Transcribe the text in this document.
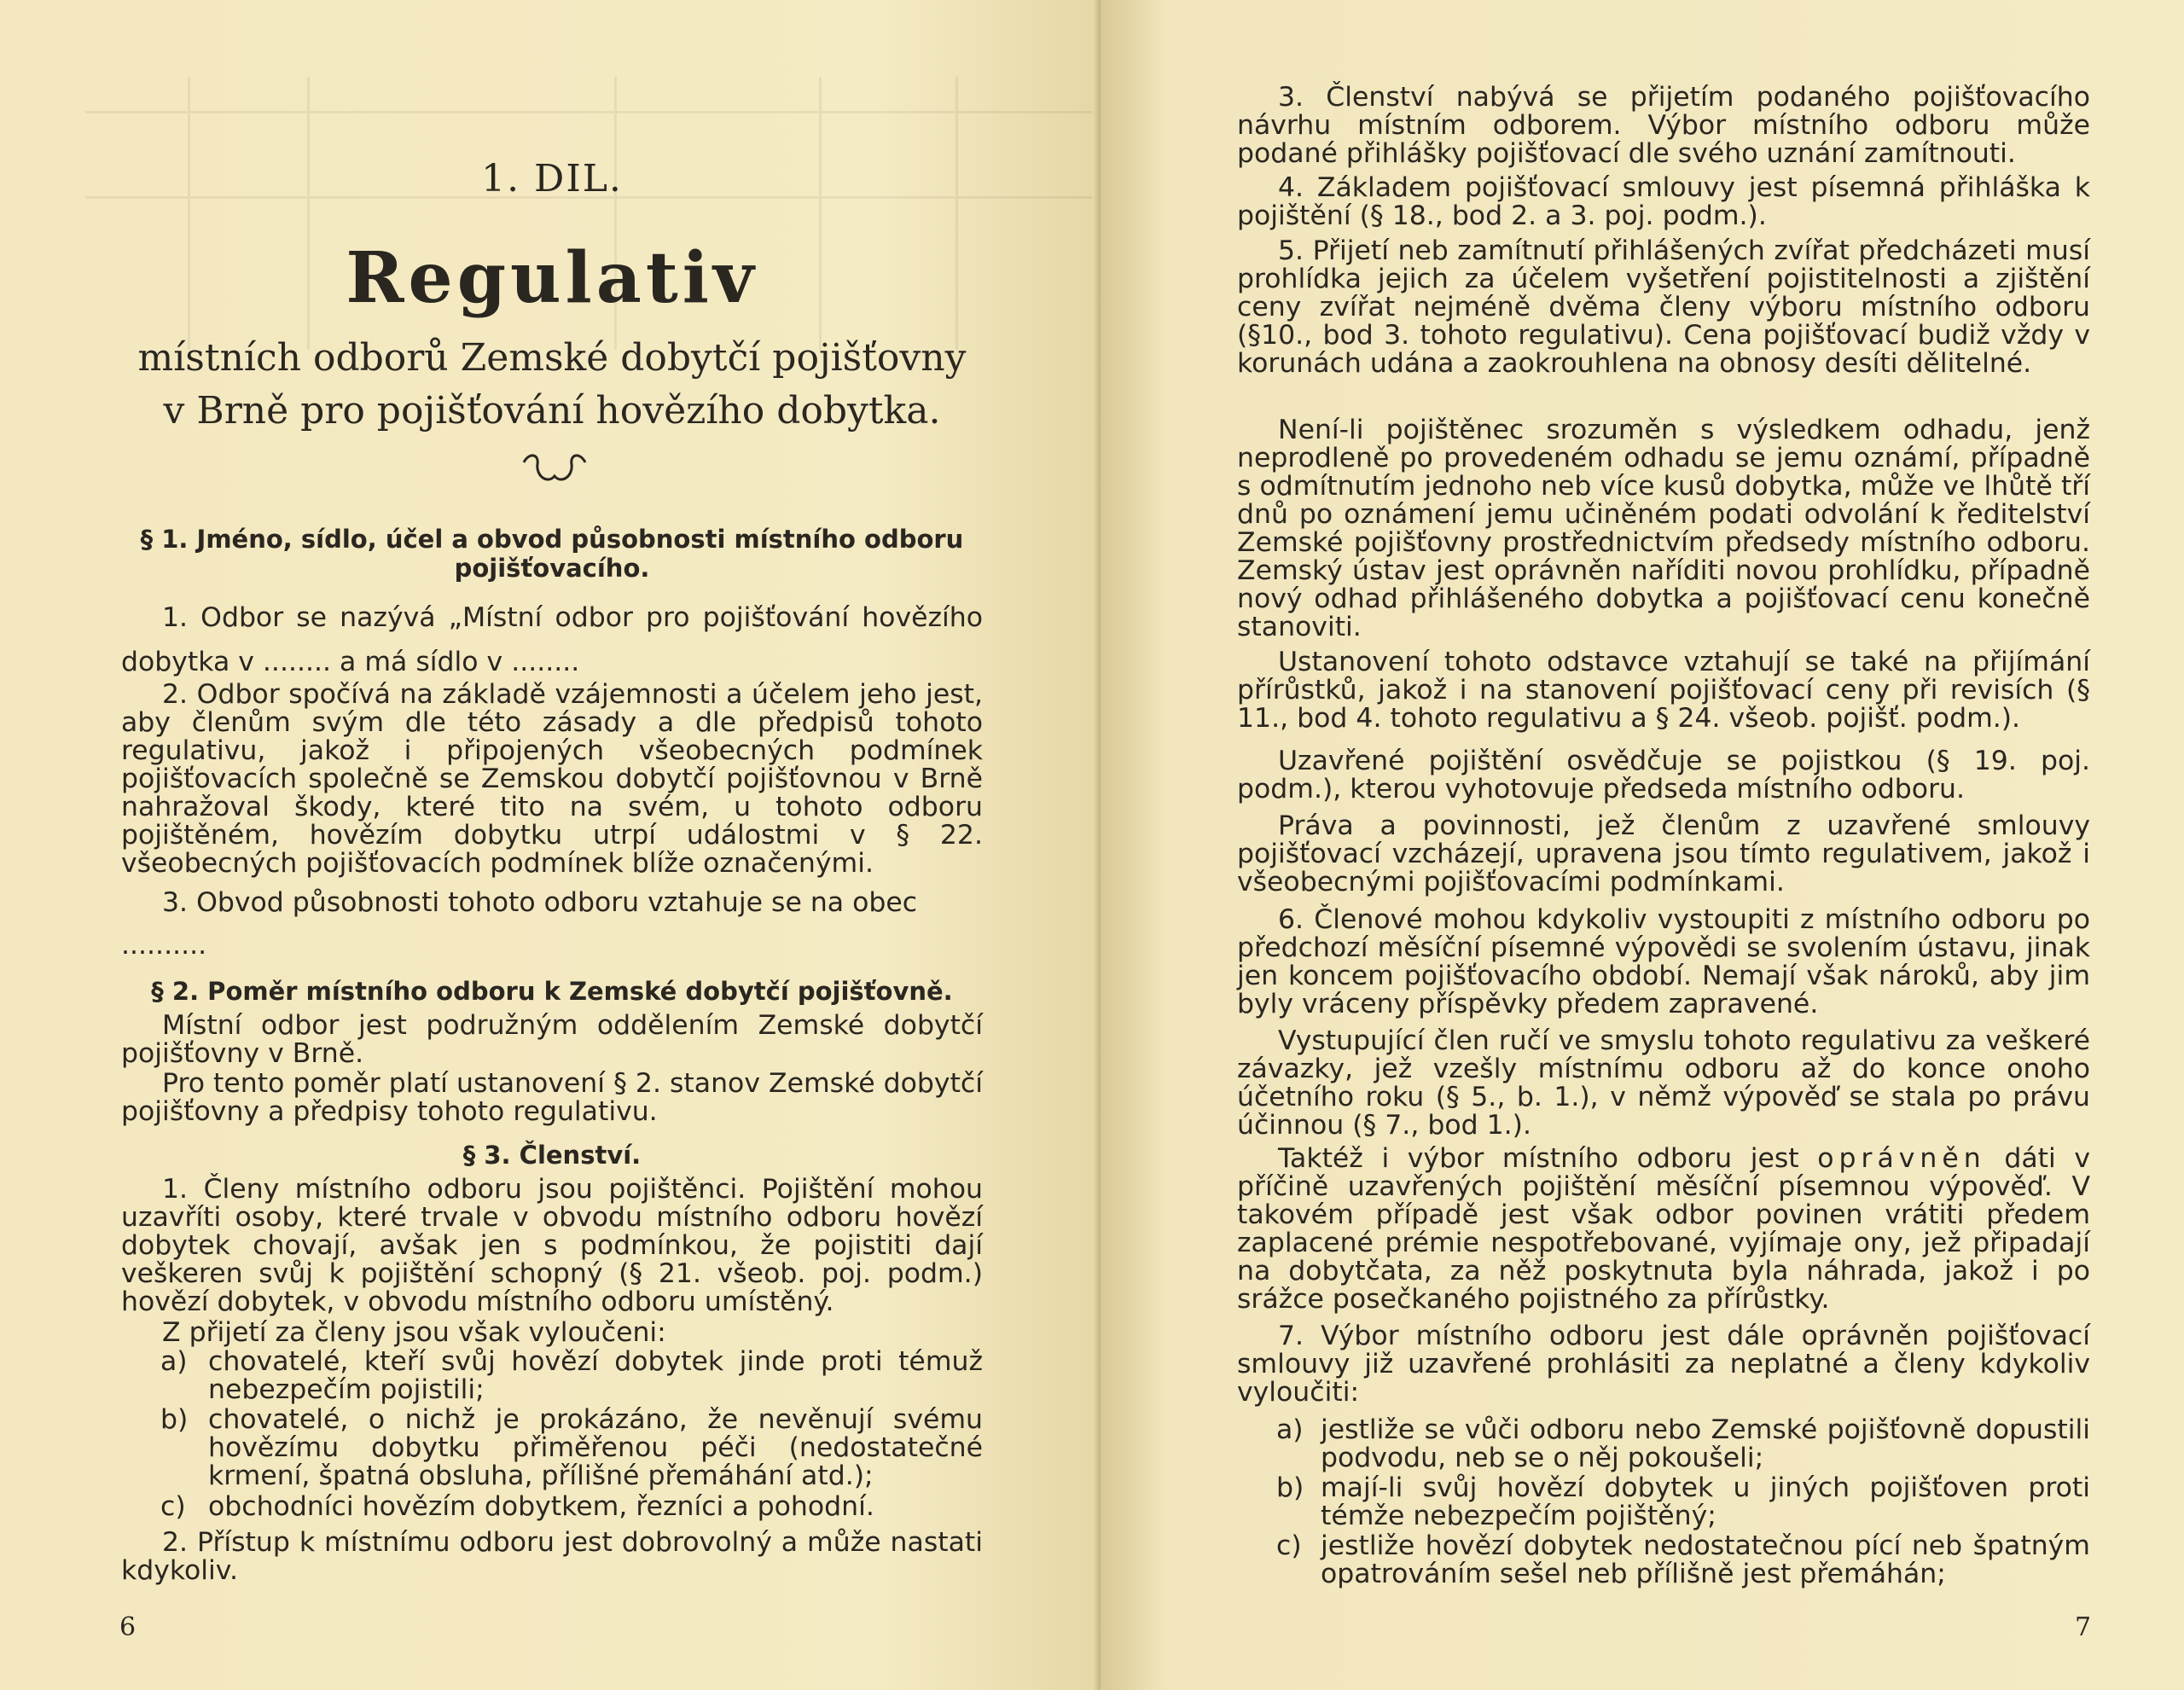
1. DIL.
Regulativ
místních odborů Zemské dobytčí pojišťovny
v Brně pro pojišťování hovězího dobytka.
§ 1. Jméno, sídlo, účel a obvod působnosti místního odboru
pojišťovacího.

1. Odbor se nazývá „Místní odbor pro pojišťování hovězího dobytka v ........ a má sídlo v ........

2. Odbor spočívá na základě vzájemnosti a účelem jeho jest, aby členům svým dle této zásady a dle předpisů tohoto regulativu, jakož i připojených všeobecných podmínek pojišťovacích společně se Zemskou dobytčí pojišťovnou v Brně nahražoval škody, které tito na svém, u tohoto odboru pojištěném, hovězím dobytku utrpí událostmi v § 22. všeobecných pojišťovacích podmínek blíže označenými.

3. Obvod působnosti tohoto odboru vztahuje se na obec

..........

§ 2. Poměr místního odboru k Zemské dobytčí pojišťovně.

Místní odbor jest podružným oddělením Zemské dobytčí pojišťovny v Brně.

Pro tento poměr platí ustanovení § 2. stanov Zemské dobytčí pojišťovny a předpisy tohoto regulativu.

§ 3. Členství.

1. Členy místního odboru jsou pojištěnci. Pojištění mohou uzavříti osoby, které trvale v obvodu místního odboru hovězí dobytek chovají, avšak jen s podmínkou, že pojistiti dají veškeren svůj k pojištění schopný (§ 21. všeob. poj. podm.) hovězí dobytek, v obvodu místního odboru umístěný.

Z přijetí za členy jsou však vyloučeni:

a) chovatelé, kteří svůj hovězí dobytek jinde proti témuž nebezpečím pojistili;
b) chovatelé, o nichž je prokázáno, že nevěnují svému hovězímu dobytku přiměřenou péči (nedostatečné krmení, špatná obsluha, přílišné přemáhání atd.);
c) obchodníci hovězím dobytkem, řezníci a pohodní.

2. Přístup k místnímu odboru jest dobrovolný a může nastati kdykoliv.

6

3. Členství nabývá se přijetím podaného pojišťovacího návrhu místním odborem. Výbor místního odboru může podané přihlášky pojišťovací dle svého uznání zamítnouti.

4. Základem pojišťovací smlouvy jest písemná přihláška k pojištění (§ 18., bod 2. a 3. poj. podm.).

5. Přijetí neb zamítnutí přihlášených zvířat předcházeti musí prohlídka jejich za účelem vyšetření pojistitelnosti a zjištění ceny zvířat nejméně dvěma členy výboru místního odboru (§10., bod 3. tohoto regulativu). Cena pojišťovací budiž vždy v korunách udána a zaokrouhlena na obnosy desíti dělitelné.

Není-li pojištěnec srozuměn s výsledkem odhadu, jenž neprodleně po provedeném odhadu se jemu oznámí, případně s odmítnutím jednoho neb více kusů dobytka, může ve lhůtě tří dnů po oznámení jemu učiněném podati odvolání k ředitelství Zemské pojišťovny prostřednictvím předsedy místního odboru. Zemský ústav jest oprávněn naříditi novou prohlídku, případně nový odhad přihlášeného dobytka a pojišťovací cenu konečně stanoviti.

Ustanovení tohoto odstavce vztahují se také na přijímání přírůstků, jakož i na stanovení pojišťovací ceny při revisích (§ 11., bod 4. tohoto regulativu a § 24. všeob. pojišť. podm.).

Uzavřené pojištění osvědčuje se pojistkou (§ 19. poj. podm.), kterou vyhotovuje předseda místního odboru.

Práva a povinnosti, jež členům z uzavřené smlouvy pojišťovací vzcházejí, upravena jsou tímto regulativem, jakož i všeobecnými pojišťovacími podmínkami.

6. Členové mohou kdykoliv vystoupiti z místního odboru po předchozí měsíční písemné výpovědi se svolením ústavu, jinak jen koncem pojišťovacího období. Nemají však nároků, aby jim byly vráceny příspěvky předem zapravené.

Vystupující člen ručí ve smyslu tohoto regulativu za veškeré závazky, jež vzešly místnímu odboru až do konce onoho účetního roku (§ 5., b. 1.), v němž výpověď se stala po právu účinnou (§ 7., bod 1.).

Taktéž i výbor místního odboru jest oprávněn dáti v příčině uzavřených pojištění měsíční písemnou výpověď. V takovém případě jest však odbor povinen vrátiti předem zaplacené prémie nespotřebované, vyjímaje ony, jež připadají na dobytčata, za něž poskytnuta byla náhrada, jakož i po srážce posečkaného pojistného za přírůstky.

7. Výbor místního odboru jest dále oprávněn pojišťovací smlouvy již uzavřené prohlásiti za neplatné a členy kdykoliv vyloučiti:

a) jestliže se vůči odboru nebo Zemské pojišťovně dopustili podvodu, neb se o něj pokoušeli;
b) mají-li svůj hovězí dobytek u jiných pojišťoven proti témže nebezpečím pojištěný;
c) jestliže hovězí dobytek nedostatečnou pící neb špatným opatrováním sešel neb přílišně jest přemáhán;
7
